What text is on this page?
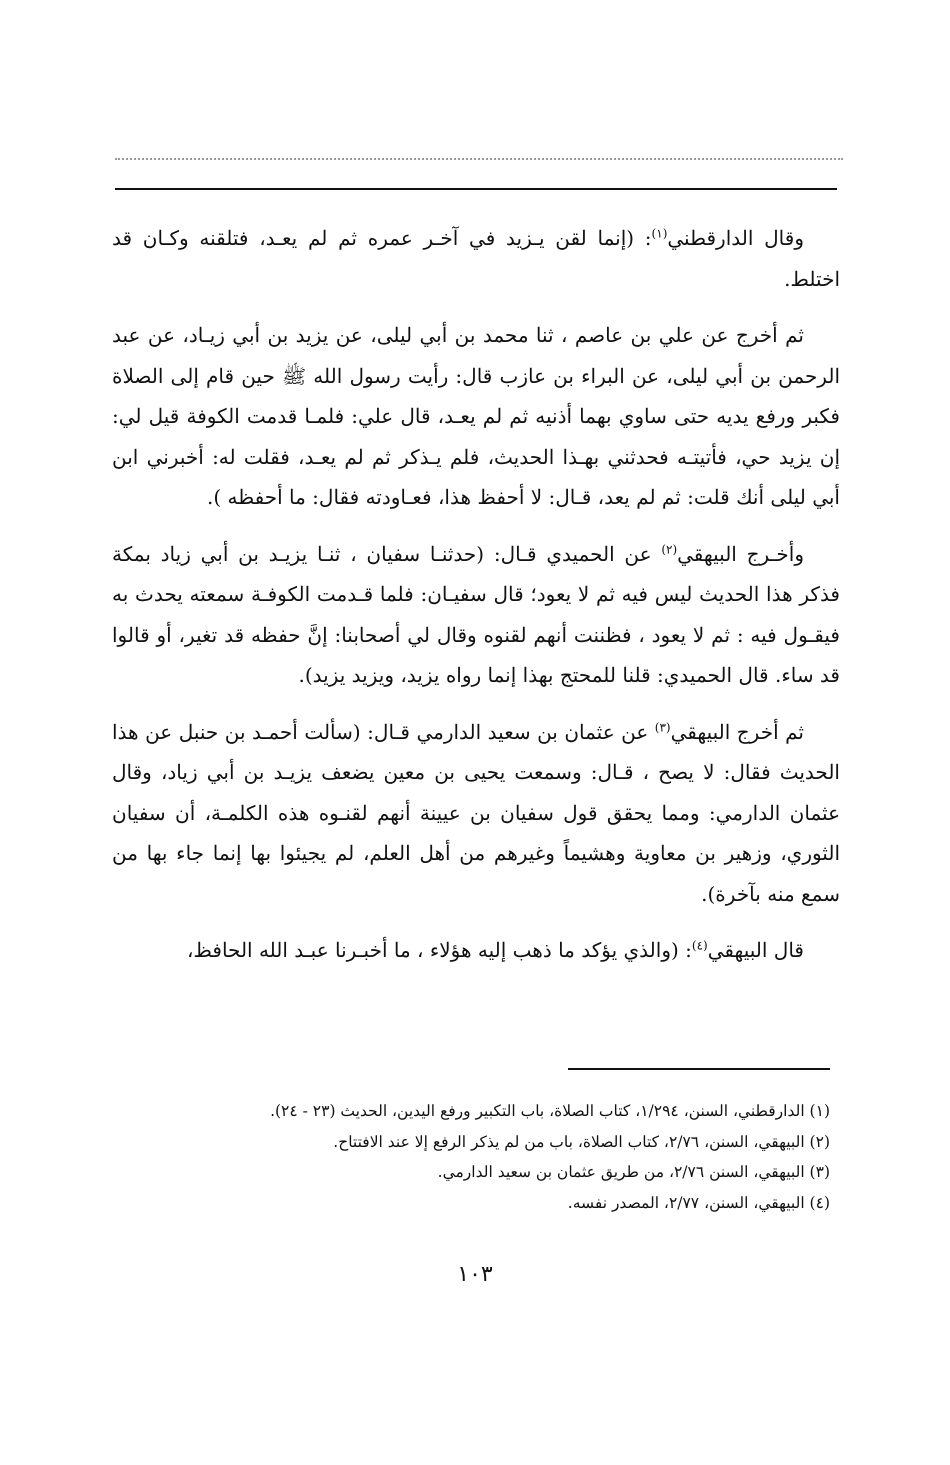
وقال الدارقطني$^{(١)}$: (إنما لقن يـزيد في آخـر عمره ثم لم يعـد، فتلقنه وكـان قد اختلط.

ثم أخرج عن علي بن عاصم ، ثنا محمد بن أبي ليلى، عن يزيد بن أبي زيـاد، عن عبد الرحمن بن أبي ليلى، عن البراء بن عازب قال: رأيت رسول الله ﷺ حين قام إلى الصلاة فكبر ورفع يديه حتى ساوي بهما أذنيه ثم لم يعـد، قال علي: فلمـا قدمت الكوفة قيل لي: إن يزيد حي، فأتيتـه فحدثني بهـذا الحديث، فلم يـذكر ثم لم يعـد، فقلت له: أخبرني ابن أبي ليلى أنك قلت: ثم لم يعد، قـال: لا أحفظ هذا، فعـاودته فقال: ما أحفظه ).

وأخـرج البيهقي$^{(٢)}$ عن الحميدي قـال: (حدثنـا سفيان ، ثنـا يزيـد بن أبي زياد بمكة فذكر هذا الحديث ليس فيه ثم لا يعود؛ قال سفيـان: فلما قـدمت الكوفـة سمعته يحدث به فيقـول فيه : ثم لا يعود ، فظننت أنهم لقنوه وقال لي أصحابنا: إنَّ حفظه قد تغير، أو قالوا قد ساء. قال الحميدي: قلنا للمحتج بهذا إنما رواه يزيد، ويزيد يزيد).

ثم أخرج البيهقي$^{(٣)}$ عن عثمان بن سعيد الدارمي قـال: (سألت أحمـد بن حنبل عن هذا الحديث فقال: لا يصح ، قـال: وسمعت يحيى بن معين يضعف يزيـد بن أبي زياد، وقال عثمان الدارمي: ومما يحقق قول سفيان بن عيينة أنهم لقنـوه هذه الكلمـة، أن سفيان الثوري، وزهير بن معاوية وهشيماً وغيرهم من أهل العلم، لم يجيئوا بها إنما جاء بها من سمع منه بآخرة).

قال البيهقي$^{(٤)}$: (والذي يؤكد ما ذهب إليه هؤلاء ، ما أخبـرنا عبـد الله الحافظ،

(١) الدارقطني، السنن، ١/٢٩٤، كتاب الصلاة، باب التكبير ورفع اليدين، الحديث (٢٣ - ٢٤).

(٢) البيهقي، السنن، ٢/٧٦، كتاب الصلاة، باب من لم يذكر الرفع إلا عند الافتتاح.

(٣) البيهقي، السنن ٢/٧٦، من طريق عثمان بن سعيد الدارمي.

(٤) البيهقي، السنن، ٢/٧٧، المصدر نفسه.

١٠٣
